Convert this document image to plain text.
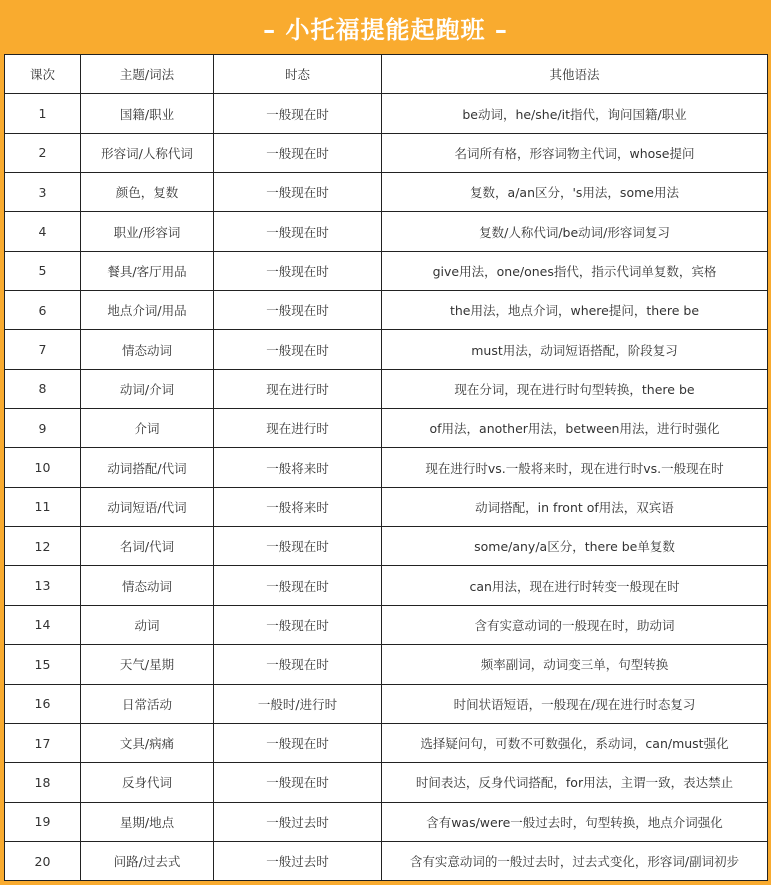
– 小托福提能起跑班 –
课次	主题/词法	时态	其他语法
1	国籍/职业	一般现在时	be动词，he/she/it指代，询问国籍/职业
2	形容词/人称代词	一般现在时	名词所有格，形容词物主代词，whose提问
3	颜色，复数	一般现在时	复数，a/an区分，'s用法，some用法
4	职业/形容词	一般现在时	复数/人称代词/be动词/形容词复习
5	餐具/客厅用品	一般现在时	give用法，one/ones指代，指示代词单复数，宾格
6	地点介词/用品	一般现在时	the用法，地点介词，where提问，there be
7	情态动词	一般现在时	must用法，动词短语搭配，阶段复习
8	动词/介词	现在进行时	现在分词，现在进行时句型转换，there be
9	介词	现在进行时	of用法，another用法，between用法，进行时强化
10	动词搭配/代词	一般将来时	现在进行时vs.一般将来时，现在进行时vs.一般现在时
11	动词短语/代词	一般将来时	动词搭配，in front of用法，双宾语
12	名词/代词	一般现在时	some/any/a区分，there be单复数
13	情态动词	一般现在时	can用法，现在进行时转变一般现在时
14	动词	一般现在时	含有实意动词的一般现在时，助动词
15	天气/星期	一般现在时	频率副词，动词变三单，句型转换
16	日常活动	一般时/进行时	时间状语短语，一般现在/现在进行时态复习
17	文具/病痛	一般现在时	选择疑问句，可数不可数强化，系动词，can/must强化
18	反身代词	一般现在时	时间表达，反身代词搭配，for用法，主谓一致，表达禁止
19	星期/地点	一般过去时	含有was/were一般过去时，句型转换，地点介词强化
20	问路/过去式	一般过去时	含有实意动词的一般过去时，过去式变化，形容词/副词初步
